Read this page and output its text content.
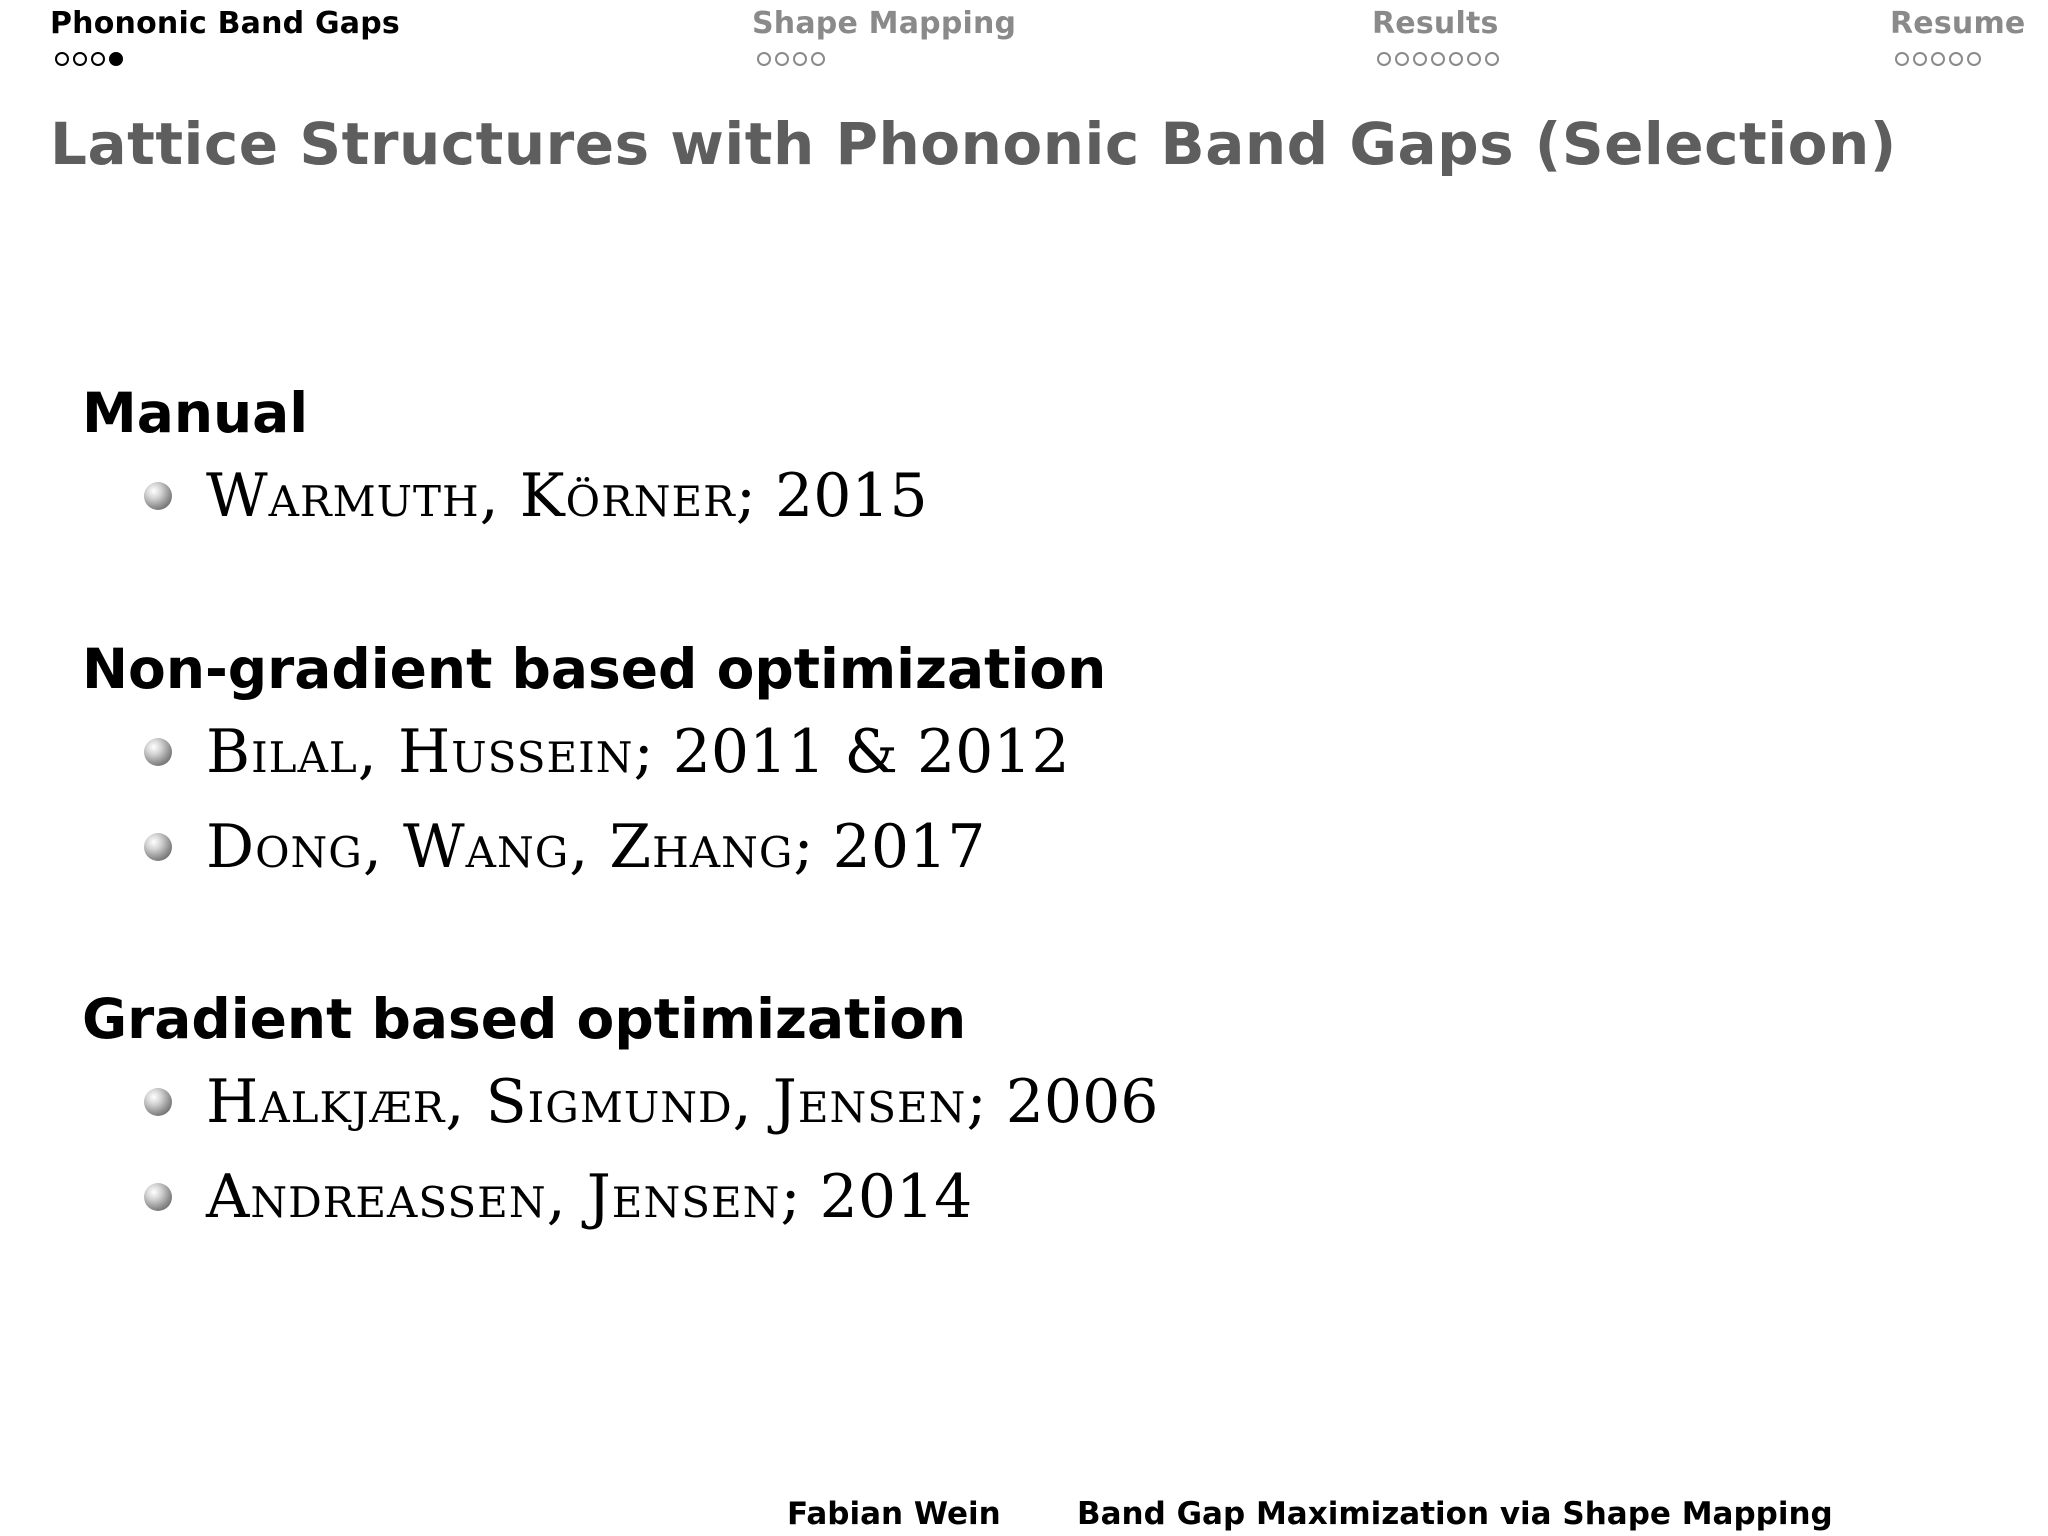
Phononic Band Gaps	Shape Mapping	Results	Resume
Lattice Structures with Phononic Band Gaps (Selection)
Manual
Warmuth, Körner; 2015
Non-gradient based optimization
Bilal, Hussein; 2011 & 2012
Dong, Wang, Zhang; 2017
Gradient based optimization
Halkjær, Sigmund, Jensen; 2006
Andreassen, Jensen; 2014
Fabian Wein Band Gap Maximization via Shape Mapping
